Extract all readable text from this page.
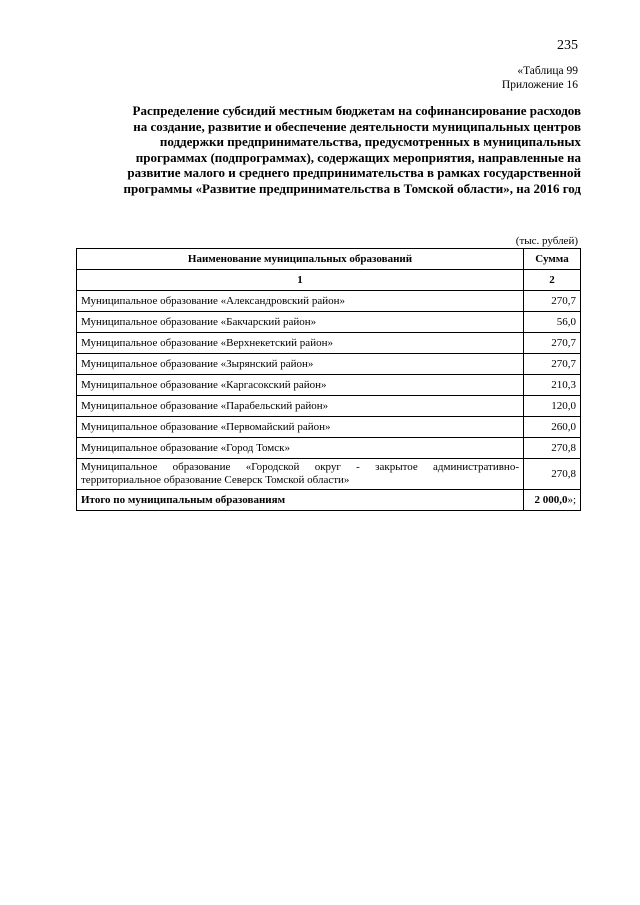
235
«Таблица 99
Приложение 16
Распределение субсидий местным бюджетам на софинансирование расходов
на создание, развитие и обеспечение деятельности муниципальных центров
поддержки предпринимательства, предусмотренных в муниципальных
программах (подпрограммах), содержащих мероприятия, направленные на
развитие малого и среднего предпринимательства в рамках государственной
программы «Развитие предпринимательства в Томской области», на 2016 год
(тыс. рублей)
Наименование муниципальных образований	Сумма
1	2
Муниципальное образование «Александровский район»	270,7
Муниципальное образование «Бакчарский район»	56,0
Муниципальное образование «Верхнекетский район»	270,7
Муниципальное образование «Зырянский район»	270,7
Муниципальное образование «Каргасокский район»	210,3
Муниципальное образование «Парабельский район»	120,0
Муниципальное образование «Первомайский район»	260,0
Муниципальное образование «Город Томск»	270,8
Муниципальное образование «Городской округ - закрытое административно-территориальное образование Северск Томской области»	270,8
Итого по муниципальным образованиям	2 000,0»;
